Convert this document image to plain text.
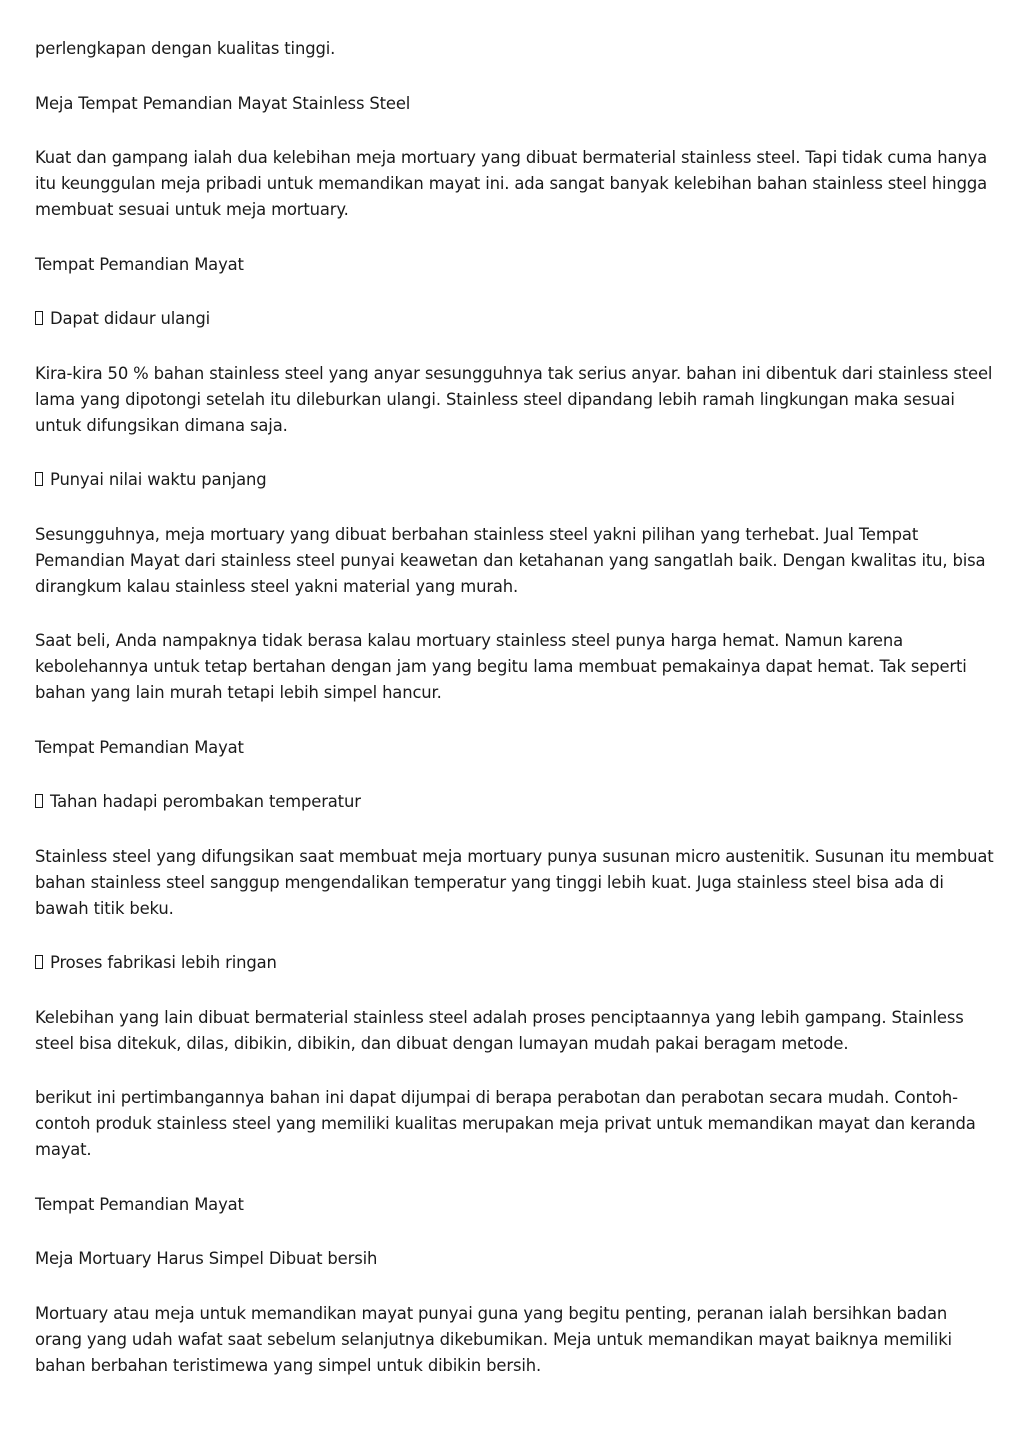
perlengkapan dengan kualitas tinggi.

Meja Tempat Pemandian Mayat Stainless Steel

Kuat dan gampang ialah dua kelebihan meja mortuary yang dibuat bermaterial stainless steel. Tapi tidak cuma hanya itu keunggulan meja pribadi untuk memandikan mayat ini. ada sangat banyak kelebihan bahan stainless steel hingga membuat sesuai untuk meja mortuary.

Tempat Pemandian Mayat

Dapat didaur ulangi

Kira-kira 50 % bahan stainless steel yang anyar sesungguhnya tak serius anyar. bahan ini dibentuk dari stainless steel lama yang dipotongi setelah itu dileburkan ulangi. Stainless steel dipandang lebih ramah lingkungan maka sesuai untuk difungsikan dimana saja.

Punyai nilai waktu panjang

Sesungguhnya, meja mortuary yang dibuat berbahan stainless steel yakni pilihan yang terhebat. Jual Tempat Pemandian Mayat dari stainless steel punyai keawetan dan ketahanan yang sangatlah baik. Dengan kwalitas itu, bisa dirangkum kalau stainless steel yakni material yang murah.

Saat beli, Anda nampaknya tidak berasa kalau mortuary stainless steel punya harga hemat. Namun karena kebolehannya untuk tetap bertahan dengan jam yang begitu lama membuat pemakainya dapat hemat. Tak seperti bahan yang lain murah tetapi lebih simpel hancur.

Tempat Pemandian Mayat

Tahan hadapi perombakan temperatur

Stainless steel yang difungsikan saat membuat meja mortuary punya susunan micro austenitik. Susunan itu membuat bahan stainless steel sanggup mengendalikan temperatur yang tinggi lebih kuat. Juga stainless steel bisa ada di bawah titik beku.

Proses fabrikasi lebih ringan

Kelebihan yang lain dibuat bermaterial stainless steel adalah proses penciptaannya yang lebih gampang. Stainless steel bisa ditekuk, dilas, dibikin, dibikin, dan dibuat dengan lumayan mudah pakai beragam metode.

berikut ini pertimbangannya bahan ini dapat dijumpai di berapa perabotan dan perabotan secara mudah. Contoh-contoh produk stainless steel yang memiliki kualitas merupakan meja privat untuk memandikan mayat dan keranda mayat.

Tempat Pemandian Mayat

Meja Mortuary Harus Simpel Dibuat bersih

Mortuary atau meja untuk memandikan mayat punyai guna yang begitu penting, peranan ialah bersihkan badan orang yang udah wafat saat sebelum selanjutnya dikebumikan. Meja untuk memandikan mayat baiknya memiliki bahan berbahan teristimewa yang simpel untuk dibikin bersih.
